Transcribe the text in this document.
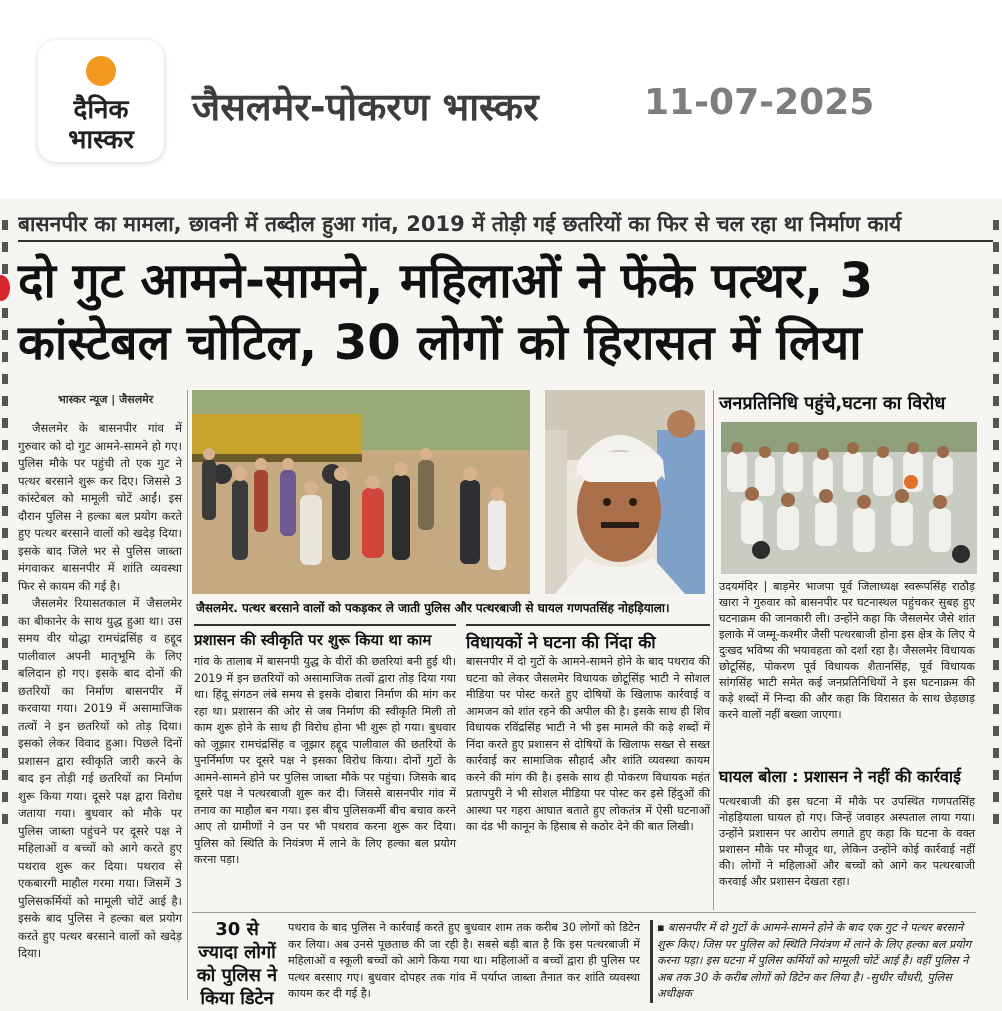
दैनिक
भास्कर
जैसलमेर-पोकरण भास्कर	11-07-2025
बासनपीर का मामला, छावनी में तब्दील हुआ गांव, 2019 में तोड़ी गई छतरियों का फिर से चल रहा था निर्माण कार्य
दो गुट आमने-सामने, महिलाओं ने फेंके पत्थर, 3 कांस्टेबल चोटिल, 30 लोगों को हिरासत में लिया
भास्कर न्यूज | जैसलमेर

जैसलमेर के बासनपीर गांव में गुरुवार को दो गुट आमने-सामने हो गए। पुलिस मौके पर पहुंची तो एक गुट ने पत्थर बरसाने शुरू कर दिए। जिससे 3 कांस्टेबल को मामूली चोटें आईं। इस दौरान पुलिस ने हल्का बल प्रयोग करते हुए पत्थर बरसाने वालों को खदेड़ दिया। इसके बाद जिले भर से पुलिस जाब्ता मंगवाकर बासनपीर में शांति व्यवस्था फिर से कायम की गई है।

जैसलमेर रियासतकाल में जैसलमेर का बीकानेर के साथ युद्ध हुआ था। उस समय वीर योद्धा रामचंद्रसिंह व हद्दूद पालीवाल अपनी मातृभूमि के लिए बलिदान हो गए। इसके बाद दोनों की छतरियों का निर्माण बासनपीर में करवाया गया। 2019 में असामाजिक तत्वों ने इन छतरियों को तोड़ दिया। इसको लेकर विवाद हुआ। पिछले दिनों प्रशासन द्वारा स्वीकृति जारी करने के बाद इन तोड़ी गई छतरियों का निर्माण शुरू किया गया। दूसरे पक्ष द्वारा विरोध जताया गया। बुधवार को मौके पर पुलिस जाब्ता पहुंचने पर दूसरे पक्ष ने महिलाओं व बच्चों को आगे करते हुए पथराव शुरू कर दिया। पथराव से एकबारगी माहौल गरमा गया। जिसमें 3 पुलिसकर्मियों को मामूली चोटें आई है। इसके बाद पुलिस ने हल्का बल प्रयोग करते हुए पत्थर बरसाने वालों को खदेड़ दिया।

जैसलमेर. पत्थर बरसाने वालों को पकड़कर ले जाती पुलिस और पत्थरबाजी से घायल गणपतसिंह नोहड़ियाला।
जनप्रतिनिधि पहुंचे,घटना का विरोध

उदयमंदिर | बाड़मेर भाजपा पूर्व जिलाध्यक्ष स्वरूपसिंह राठौड़ खारा ने गुरुवार को बासनपीर पर घटनास्थल पहुंचकर सुबह हुए घटनाक्रम की जानकारी ली। उन्होंने कहा कि जैसलमेर जैसे शांत इलाके में जम्मू-कश्मीर जैसी पत्थरबाजी होना इस क्षेत्र के लिए ये दुःखद भविष्य की भयावहता को दर्शा रहा है। जैसलमेर विधायक छोटूसिंह, पोकरण पूर्व विधायक शैतानसिंह, पूर्व विधायक सांगसिंह भाटी समेत कई जनप्रतिनिधियों ने इस घटनाक्रम की कड़े शब्दों में निन्दा की और कहा कि विरासत के साथ छेड़छाड़ करने वालों नहीं बख्शा जाएगा।

घायल बोला : प्रशासन ने नहीं की कार्रवाई
पत्थरबाजी की इस घटना में मौके पर उपस्थित गणपतसिंह नोहड़ियाला घायल हो गए। जिन्हें जवाहर अस्पताल लाया गया। उन्होंने प्रशासन पर आरोप लगाते हुए कहा कि घटना के वक्त प्रशासन मौके पर मौजूद था, लेकिन उन्होंने कोई कार्रवाई नहीं की। लोगों ने महिलाओं और बच्चों को आगे कर पत्थरबाजी करवाई और प्रशासन देखता रहा।
प्रशासन की स्वीकृति पर शुरू किया था काम
गांव के तालाब में बासनपी युद्ध के वीरों की छतरियां बनी हुई थी। 2019 में इन छतरियों को असामाजिक तत्वों द्वारा तोड़ दिया गया था। हिंदू संगठन लंबे समय से इसके दोबारा निर्माण की मांग कर रहा था। प्रशासन की ओर से जब निर्माण की स्वीकृति मिली तो काम शुरू होने के साथ ही विरोध होना भी शुरू हो गया। बुधवार को जूझार रामचंद्रसिंह व जूझार हद्दूद पालीवाल की छतरियों के पुनर्निर्माण पर दूसरे पक्ष ने इसका विरोध किया। दोनों गुटों के आमने-सामने होने पर पुलिस जाब्ता मौके पर पहुंचा। जिसके बाद दूसरे पक्ष ने पत्थरबाजी शुरू कर दी। जिससे बासनपीर गांव में तनाव का माहौल बन गया। इस बीच पुलिसकर्मी बीच बचाव करने आए तो ग्रामीणों ने उन पर भी पथराव करना शुरू कर दिया। पुलिस को स्थिति के नियंत्रण में लाने के लिए हल्का बल प्रयोग करना पड़ा।
विधायकों ने घटना की निंदा की
बासनपीर में दो गुटों के आमने-सामने होने के बाद पथराव की घटना को लेकर जैसलमेर विधायक छोटूसिंह भाटी ने सोशल मीडिया पर पोस्ट करते हुए दोषियों के खिलाफ कार्रवाई व आमजन को शांत रहने की अपील की है। इसके साथ ही शिव विधायक रविंद्रसिंह भाटी ने भी इस मामले की कड़े शब्दों में निंदा करते हुए प्रशासन से दोषियों के खिलाफ सख्त से सख्त कार्रवाई कर सामाजिक सौहार्द और शांति व्यवस्था कायम करने की मांग की है। इसके साथ ही पोकरण विधायक महंत प्रतापपुरी ने भी सोशल मीडिया पर पोस्ट कर इसे हिंदुओं की आस्था पर गहरा आघात बताते हुए लोकतंत्र में ऐसी घटनाओं का दंड भी कानून के हिसाब से कठोर देने की बात लिखी।
30 से ज्यादा लोगों को पुलिस ने किया डिटेन
पथराव के बाद पुलिस ने कार्रवाई करते हुए बुधवार शाम तक करीब 30 लोगों को डिटेन कर लिया। अब उनसे पूछताछ की जा रही है। सबसे बड़ी बात है कि इस पत्थरबाजी में महिलाओं व स्कूली बच्चों को आगे किया गया था। महिलाओं व बच्चों द्वारा ही पुलिस पर पत्थर बरसाए गए। बुधवार दोपहर तक गांव में पर्याप्त जाब्ता तैनात कर शांति व्यवस्था कायम कर दी गई है।
▪ बासनपीर में दो गुटों के आमने-सामने होने के बाद एक गुट ने पत्थर बरसाने शुरू किए। जिस पर पुलिस को स्थिति नियंत्रण में लाने के लिए हल्का बल प्रयोग करना पड़ा। इस घटना में पुलिस कर्मियों को मामूली चोटें आई है। वहीं पुलिस ने अब तक 30 के करीब लोगों को डिटेन कर लिया है। -सुधीर चौधरी, पुलिस अधीक्षक
